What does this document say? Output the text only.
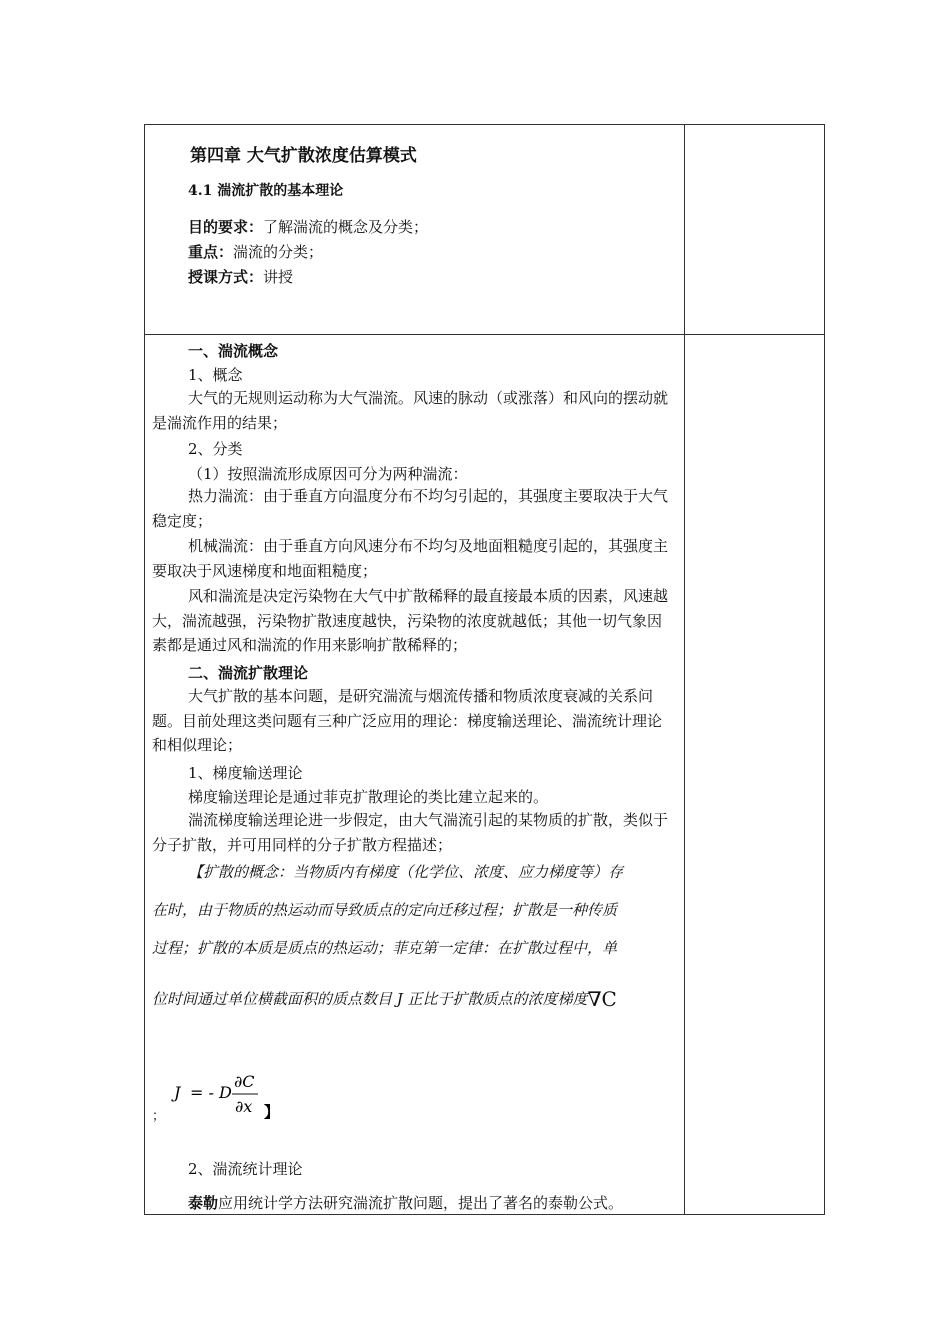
第四章 大气扩散浓度估算模式
4.1 湍流扩散的基本理论
目的要求：了解湍流的概念及分类；
重点：湍流的分类；
授课方式：讲授
一、湍流概念
1、概念
大气的无规则运动称为大气湍流。风速的脉动（或涨落）和风向的摆动就是湍流作用的结果；
2、分类
（1）按照湍流形成原因可分为两种湍流：
热力湍流：由于垂直方向温度分布不均匀引起的，其强度主要取决于大气稳定度；
机械湍流：由于垂直方向风速分布不均匀及地面粗糙度引起的，其强度主要取决于风速梯度和地面粗糙度；
风和湍流是决定污染物在大气中扩散稀释的最直接最本质的因素，风速越大，湍流越强，污染物扩散速度越快，污染物的浓度就越低；其他一切气象因素都是通过风和湍流的作用来影响扩散稀释的；
二、湍流扩散理论
大气扩散的基本问题，是研究湍流与烟流传播和物质浓度衰减的关系问题。目前处理这类问题有三种广泛应用的理论：梯度输送理论、湍流统计理论和相似理论；
1、梯度输送理论
梯度输送理论是通过菲克扩散理论的类比建立起来的。
湍流梯度输送理论进一步假定，由大气湍流引起的某物质的扩散，类似于分子扩散，并可用同样的分子扩散方程描述；
【扩散的概念：当物质内有梯度（化学位、浓度、应力梯度等）存
在时，由于物质的热运动而导致质点的定向迁移过程；扩散是一种传质
过程；扩散的本质是质点的热运动；菲克第一定律：在扩散过程中，单
位时间通过单位横截面积的质点数目 J 正比于扩散质点的浓度梯度∇C
J = - D
∂C
∂x 】
；
2、湍流统计理论
泰勒应用统计学方法研究湍流扩散问题，提出了著名的泰勒公式。
